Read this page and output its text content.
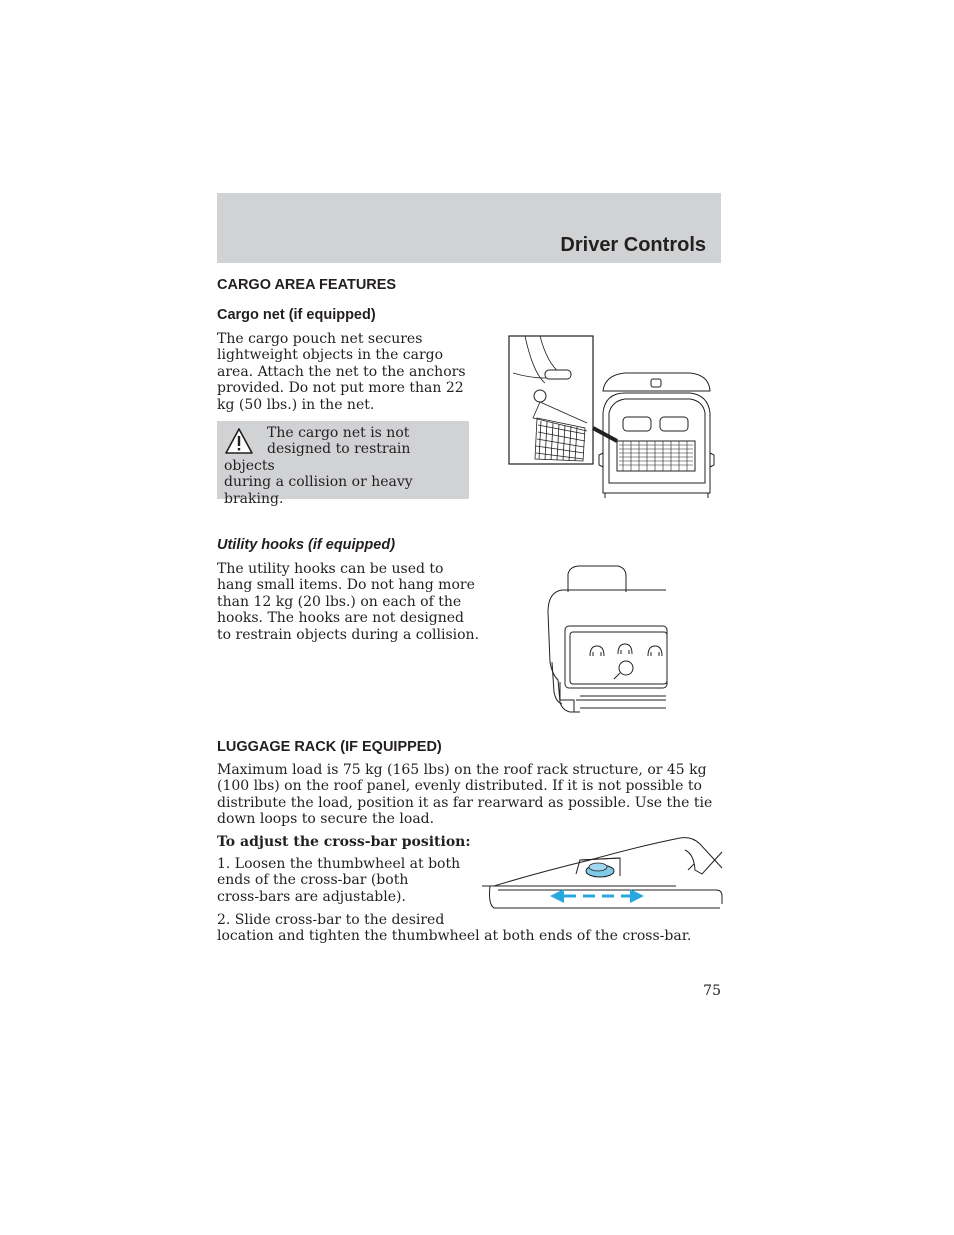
Driver Controls
CARGO AREA FEATURES
Cargo net (if equipped)
The cargo pouch net secures
lightweight objects in the cargo
area. Attach the net to the anchors
provided. Do not put more than 22
kg (50 lbs.) in the net.
The cargo net is not
designed to restrain objects
during a collision or heavy
braking.
Utility hooks (if equipped)
The utility hooks can be used to
hang small items. Do not hang more
than 12 kg (20 lbs.) on each of the
hooks. The hooks are not designed
to restrain objects during a collision.
LUGGAGE RACK (IF EQUIPPED)
Maximum load is 75 kg (165 lbs) on the roof rack structure, or 45 kg
(100 lbs) on the roof panel, evenly distributed. If it is not possible to
distribute the load, position it as far rearward as possible. Use the tie
down loops to secure the load.
To adjust the cross-bar position:
1. Loosen the thumbwheel at both
ends of the cross-bar (both
cross-bars are adjustable).
2. Slide cross-bar to the desired
location and tighten the thumbwheel at both ends of the cross-bar.
75
